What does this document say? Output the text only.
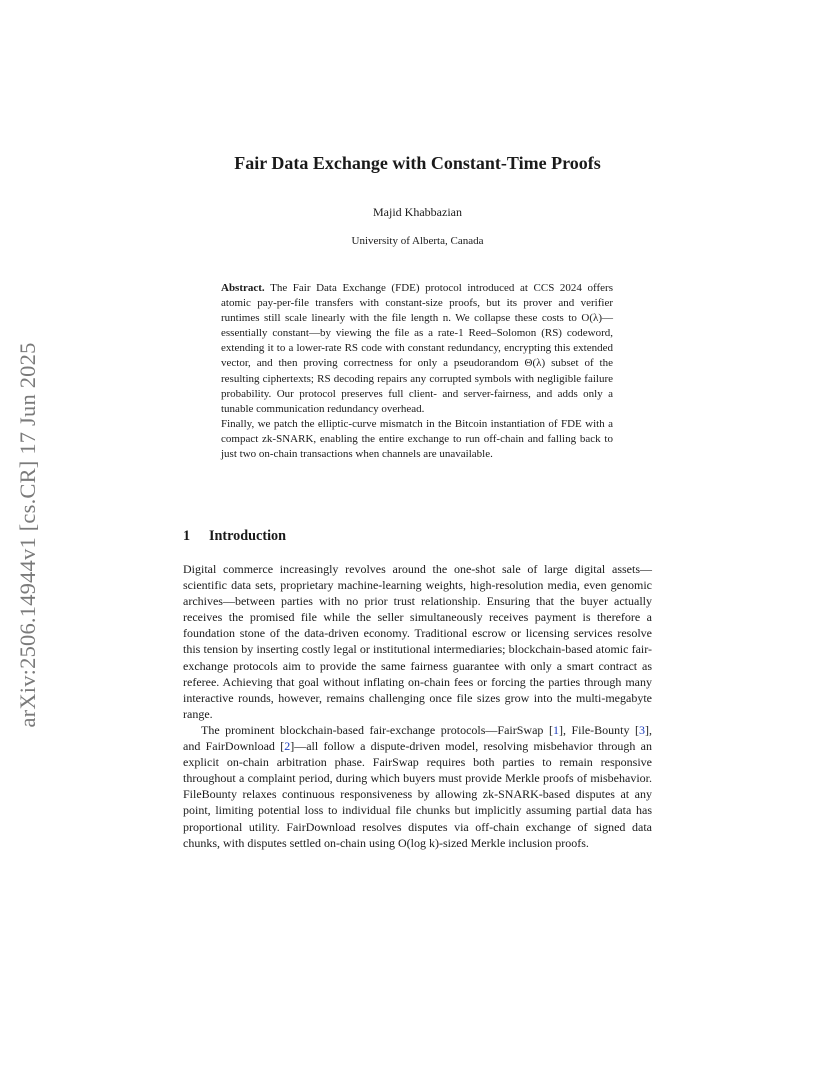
arXiv:2506.14944v1 [cs.CR] 17 Jun 2025
Fair Data Exchange with Constant-Time Proofs
Majid Khabbazian
University of Alberta, Canada

Abstract. The Fair Data Exchange (FDE) protocol introduced at CCS 2024 offers atomic pay-per-file transfers with constant-size proofs, but its prover and verifier runtimes still scale linearly with the file length n. We collapse these costs to O(λ)—essentially constant—by viewing the file as a rate-1 Reed–Solomon (RS) codeword, extending it to a lower-rate RS code with constant redundancy, encrypting this extended vector, and then proving correctness for only a pseudorandom Θ(λ) subset of the resulting ciphertexts; RS decoding repairs any corrupted symbols with negligible failure probability. Our protocol preserves full client- and server-fairness, and adds only a tunable communication redundancy overhead.

Finally, we patch the elliptic-curve mismatch in the Bitcoin instantiation of FDE with a compact zk-SNARK, enabling the entire exchange to run off-chain and falling back to just two on-chain transactions when channels are unavailable.

1 Introduction

Digital commerce increasingly revolves around the one-shot sale of large digital assets—scientific data sets, proprietary machine-learning weights, high-resolution media, even genomic archives—between parties with no prior trust relationship. Ensuring that the buyer actually receives the promised file while the seller simultaneously receives payment is therefore a foundation stone of the data-driven economy. Traditional escrow or licensing services resolve this tension by inserting costly legal or institutional intermediaries; blockchain-based atomic fair-exchange protocols aim to provide the same fairness guarantee with only a smart contract as referee. Achieving that goal without inflating on-chain fees or forcing the parties through many interactive rounds, however, remains challenging once file sizes grow into the multi-megabyte range.

The prominent blockchain-based fair-exchange protocols—FairSwap [1], File-Bounty [3], and FairDownload [2]—all follow a dispute-driven model, resolving misbehavior through an explicit on-chain arbitration phase. FairSwap requires both parties to remain responsive throughout a complaint period, during which buyers must provide Merkle proofs of misbehavior. FileBounty relaxes continuous responsiveness by allowing zk-SNARK-based disputes at any point, limiting potential loss to individual file chunks but implicitly assuming partial data has proportional utility. FairDownload resolves disputes via off-chain exchange of signed data chunks, with disputes settled on-chain using O(log k)-sized Merkle inclusion proofs.
